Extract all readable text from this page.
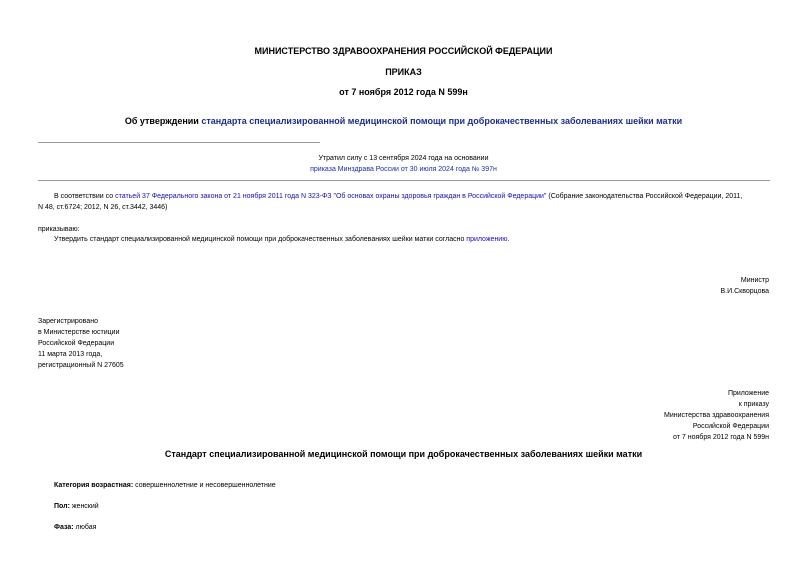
МИНИСТЕРСТВО ЗДРАВООХРАНЕНИЯ РОССИЙСКОЙ ФЕДЕРАЦИИ
ПРИКАЗ
от 7 ноября 2012 года N 599н
Об утверждении стандарта специализированной медицинской помощи при доброкачественных заболеваниях шейки матки
Утратил силу с 13 сентября 2024 года на основании
приказа Минздрава России от 30 июля 2024 года № 397н
В соответствии со статьей 37 Федерального закона от 21 ноября 2011 года N 323-ФЗ "Об основах охраны здоровья граждан в Российской Федерации" (Собрание законодательства Российской Федерации, 2011,
N 48, ст.6724; 2012, N 26, ст.3442, 3446)
приказываю:
Утвердить стандарт специализированной медицинской помощи при доброкачественных заболеваниях шейки матки согласно приложению.
Министр
В.И.Скворцова
Зарегистрировано
в Министерстве юстиции
Российской Федерации
11 марта 2013 года,
регистрационный N 27605
Приложение
к приказу
Министерства здравоохранения
Российской Федерации
от 7 ноября 2012 года N 599н
Стандарт специализированной медицинской помощи при доброкачественных заболеваниях шейки матки
Категория возрастная: совершеннолетние и несовершеннолетние
Пол: женский
Фаза: любая
